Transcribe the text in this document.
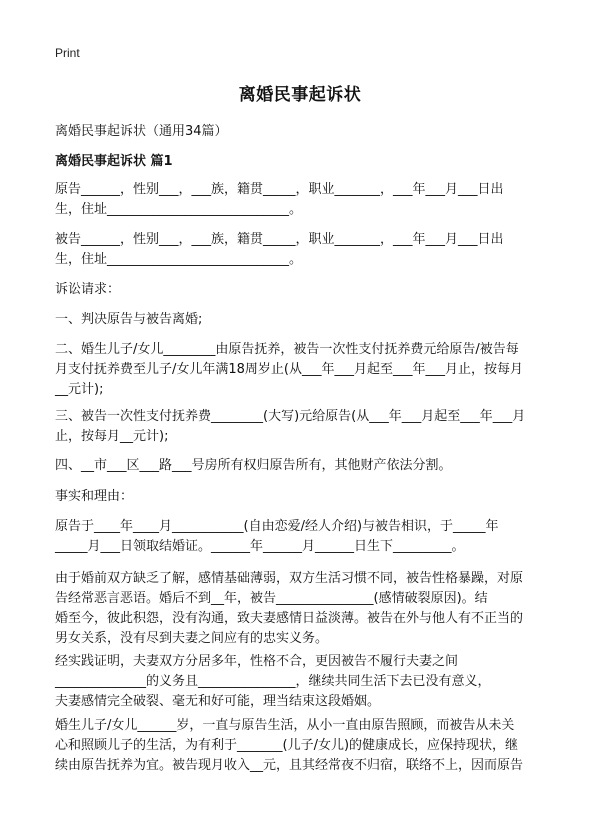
Print
离婚民事起诉状
离婚民事起诉状（通用34篇）
离婚民事起诉状 篇1
原告______，性别___，___族，籍贯_____，职业_______，___年___月___日出
生，住址____________________________。
被告______，性别___，___族，籍贯_____，职业_______，___年___月___日出
生，住址____________________________。
诉讼请求：
一、判决原告与被告离婚;
二、婚生儿子/女儿________由原告抚养，被告一次性支付抚养费元给原告/被告每
月支付抚养费至儿子/女儿年满18周岁止(从___年___月起至___年___月止，按每月
__元计);
三、被告一次性支付抚养费________(大写)元给原告(从___年___月起至___年___月
止，按每月__元计);
四、__市___区___路___号房所有权归原告所有，其他财产依法分割。
事实和理由：
原告于____年____月___________(自由恋爱/经人介绍)与被告相识，于_____年
_____月___日领取结婚证。______年______月______日生下_________。
由于婚前双方缺乏了解，感情基础薄弱，双方生活习惯不同，被告性格暴躁，对原
告经常恶言恶语。婚后不到__年，被告_______________(感情破裂原因)。结
婚至今，彼此积怨，没有沟通，致夫妻感情日益淡薄。被告在外与他人有不正当的
男女关系，没有尽到夫妻之间应有的忠实义务。
经实践证明，夫妻双方分居多年，性格不合，更因被告不履行夫妻之间
______________的义务且_______________，继续共同生活下去已没有意义，
夫妻感情完全破裂、毫无和好可能，理当结束这段婚姻。
婚生儿子/女儿______岁，一直与原告生活，从小一直由原告照顾，而被告从未关
心和照顾儿子的生活，为有利于_______(儿子/女儿)的健康成长，应保持现状，继
续由原告抚养为宜。被告现月收入__元，且其经常夜不归宿，联络不上，因而原告
